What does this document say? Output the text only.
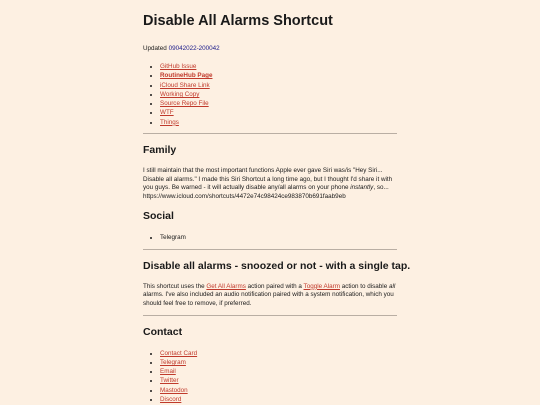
Disable All Alarms Shortcut
Updated 09042022-200042
• GitHub Issue
• RoutineHub Page
• iCloud Share Link
• Working Copy
• Source Repo File
• WTF
• Things
Family

I still maintain that the most important functions Apple ever gave Siri was/is "Hey Siri... Disable all alarms." I made this Siri Shortcut a long time ago, but I thought I'd share it with you guys. Be warned - it will actually disable any/all alarms on your phone instantly, so...

https://www.icloud.com/shortcuts/4472e74c98424ce983870b691faab9eb

Social
• Telegram
Disable all alarms - snoozed or not - with a single tap.

This shortcut uses the Get All Alarms action paired with a Toggle Alarm action to disable all alarms. I've also included an audio notification paired with a system notification, which you should feel free to remove, if preferred.

Contact
• Contact Card
• Telegram
• Email
• Twitter
• Mastodon
• Discord
